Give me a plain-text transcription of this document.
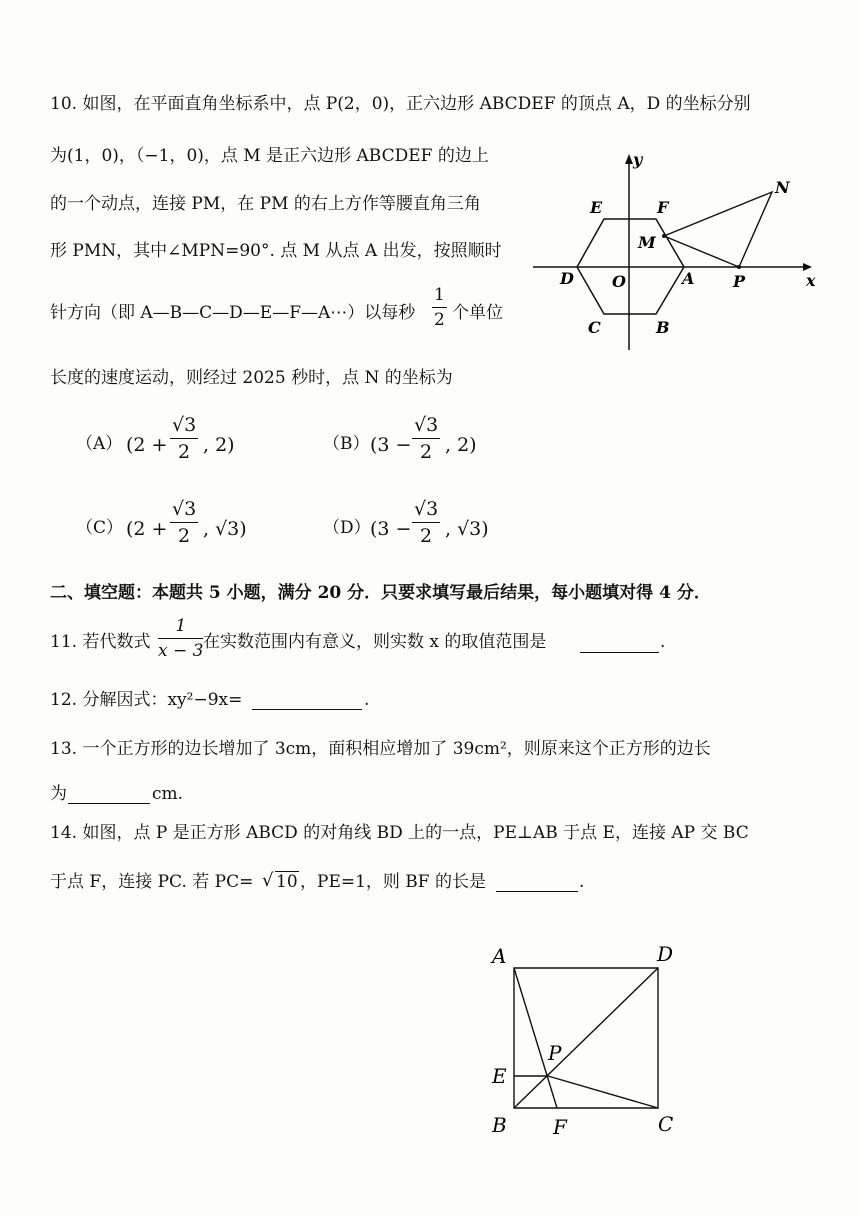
10. 如图，在平面直角坐标系中，点 P(2，0)，正六边形 ABCDEF 的顶点 A，D 的坐标分别
为(1，0)，（−1，0)，点 M 是正六边形 ABCDEF 的边上
的一个动点，连接 PM，在 PM 的右上方作等腰直角三角
形 PMN，其中∠MPN=90°. 点 M 从点 A 出发，按照顺时
针方向（即 A—B—C—D—E—F—A⋯）以每秒 $\frac{1}{2}$ 个单位
长度的速度运动，则经过 2025 秒时，点 N 的坐标为
（A） ($2 + \frac{√3}{2}$ , 2)	（B） ($3 - \frac{√3}{2}$ , 2)
（C） ($2 + \frac{√3}{2}$ , √3)	（D） ($3 - \frac{√3}{2}$ , √3)
y
x
E	F
M
N
D O	A P
C	B
二、填空题：本题共 5 小题，满分 20 分．只要求填写最后结果，每小题填对得 4 分．
11. 若代数式 $\frac{1}{x - 3}$ 在实数范围内有意义，则实数 x 的取值范围是	.
12. 分解因式：xy²−9x=	.
13. 一个正方形的边长增加了 3cm，面积相应增加了 39cm²，则原来这个正方形的边长
为	cm.
14. 如图，点 P 是正方形 ABCD 的对角线 BD 上的一点，PE⊥AB 于点 E，连接 AP 交 BC
于点 F，连接 PC. 若 PC= √ 10 ，PE=1，则 BF 的长是	.
A	D
P
E
B F	C
